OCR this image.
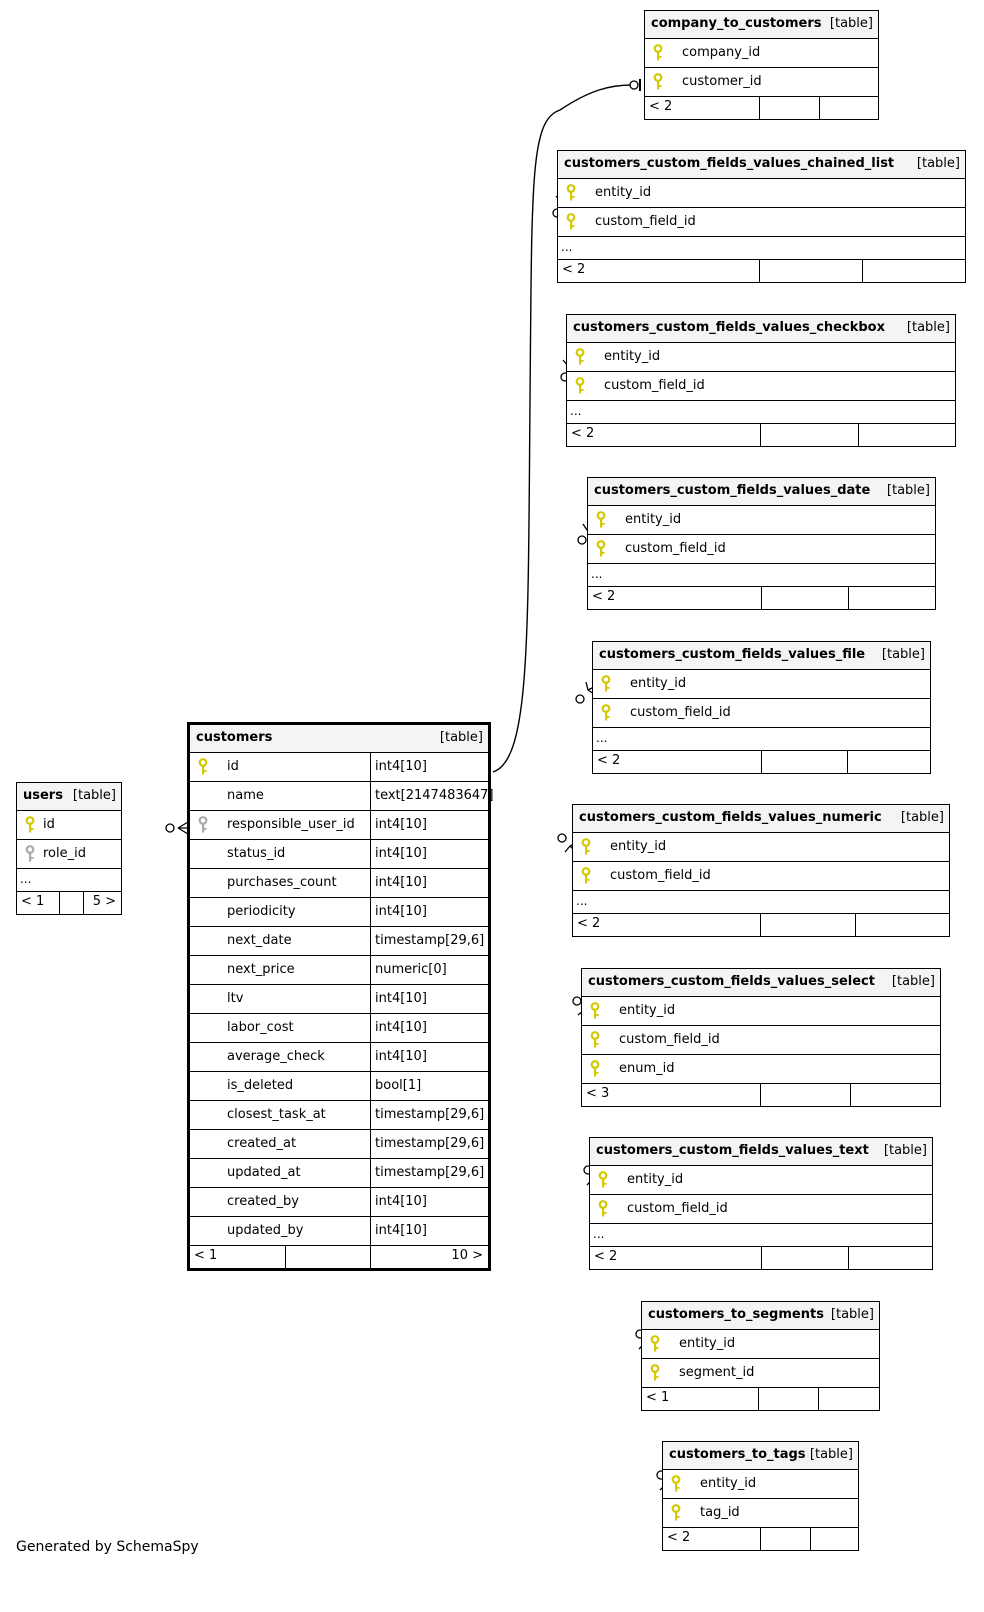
company_to_customers [table]
company_id
customer_id
< 2
customers_custom_fields_values_chained_list [table]
entity_id
custom_field_id
...
< 2
customers_custom_fields_values_checkbox [table]
entity_id
custom_field_id
...
< 2
customers_custom_fields_values_date [table]
entity_id
custom_field_id
...
< 2
customers_custom_fields_values_file [table]
entity_id
custom_field_id
...
< 2
customers_custom_fields_values_numeric [table]
entity_id
custom_field_id
...
< 2
customers_custom_fields_values_select [table]
entity_id
custom_field_id
enum_id
< 3
customers_custom_fields_values_text [table]
entity_id
custom_field_id
...
< 2
customers_to_segments [table]
entity_id
segment_id
< 1
customers_to_tags [table]
entity_id
tag_id
< 2
users [table]
id
role_id
...
< 1	5 >
customers	[table]
id	int4[10]
name	text[2147483647]
responsible_user_id	int4[10]
status_id	int4[10]
purchases_count	int4[10]
periodicity	int4[10]
next_date	timestamp[29,6]
next_price	numeric[0]
ltv	int4[10]
labor_cost	int4[10]
average_check	int4[10]
is_deleted	bool[1]
closest_task_at	timestamp[29,6]
created_at	timestamp[29,6]
updated_at	timestamp[29,6]
created_by	int4[10]
updated_by	int4[10]
< 1	10 >
Generated by SchemaSpy
